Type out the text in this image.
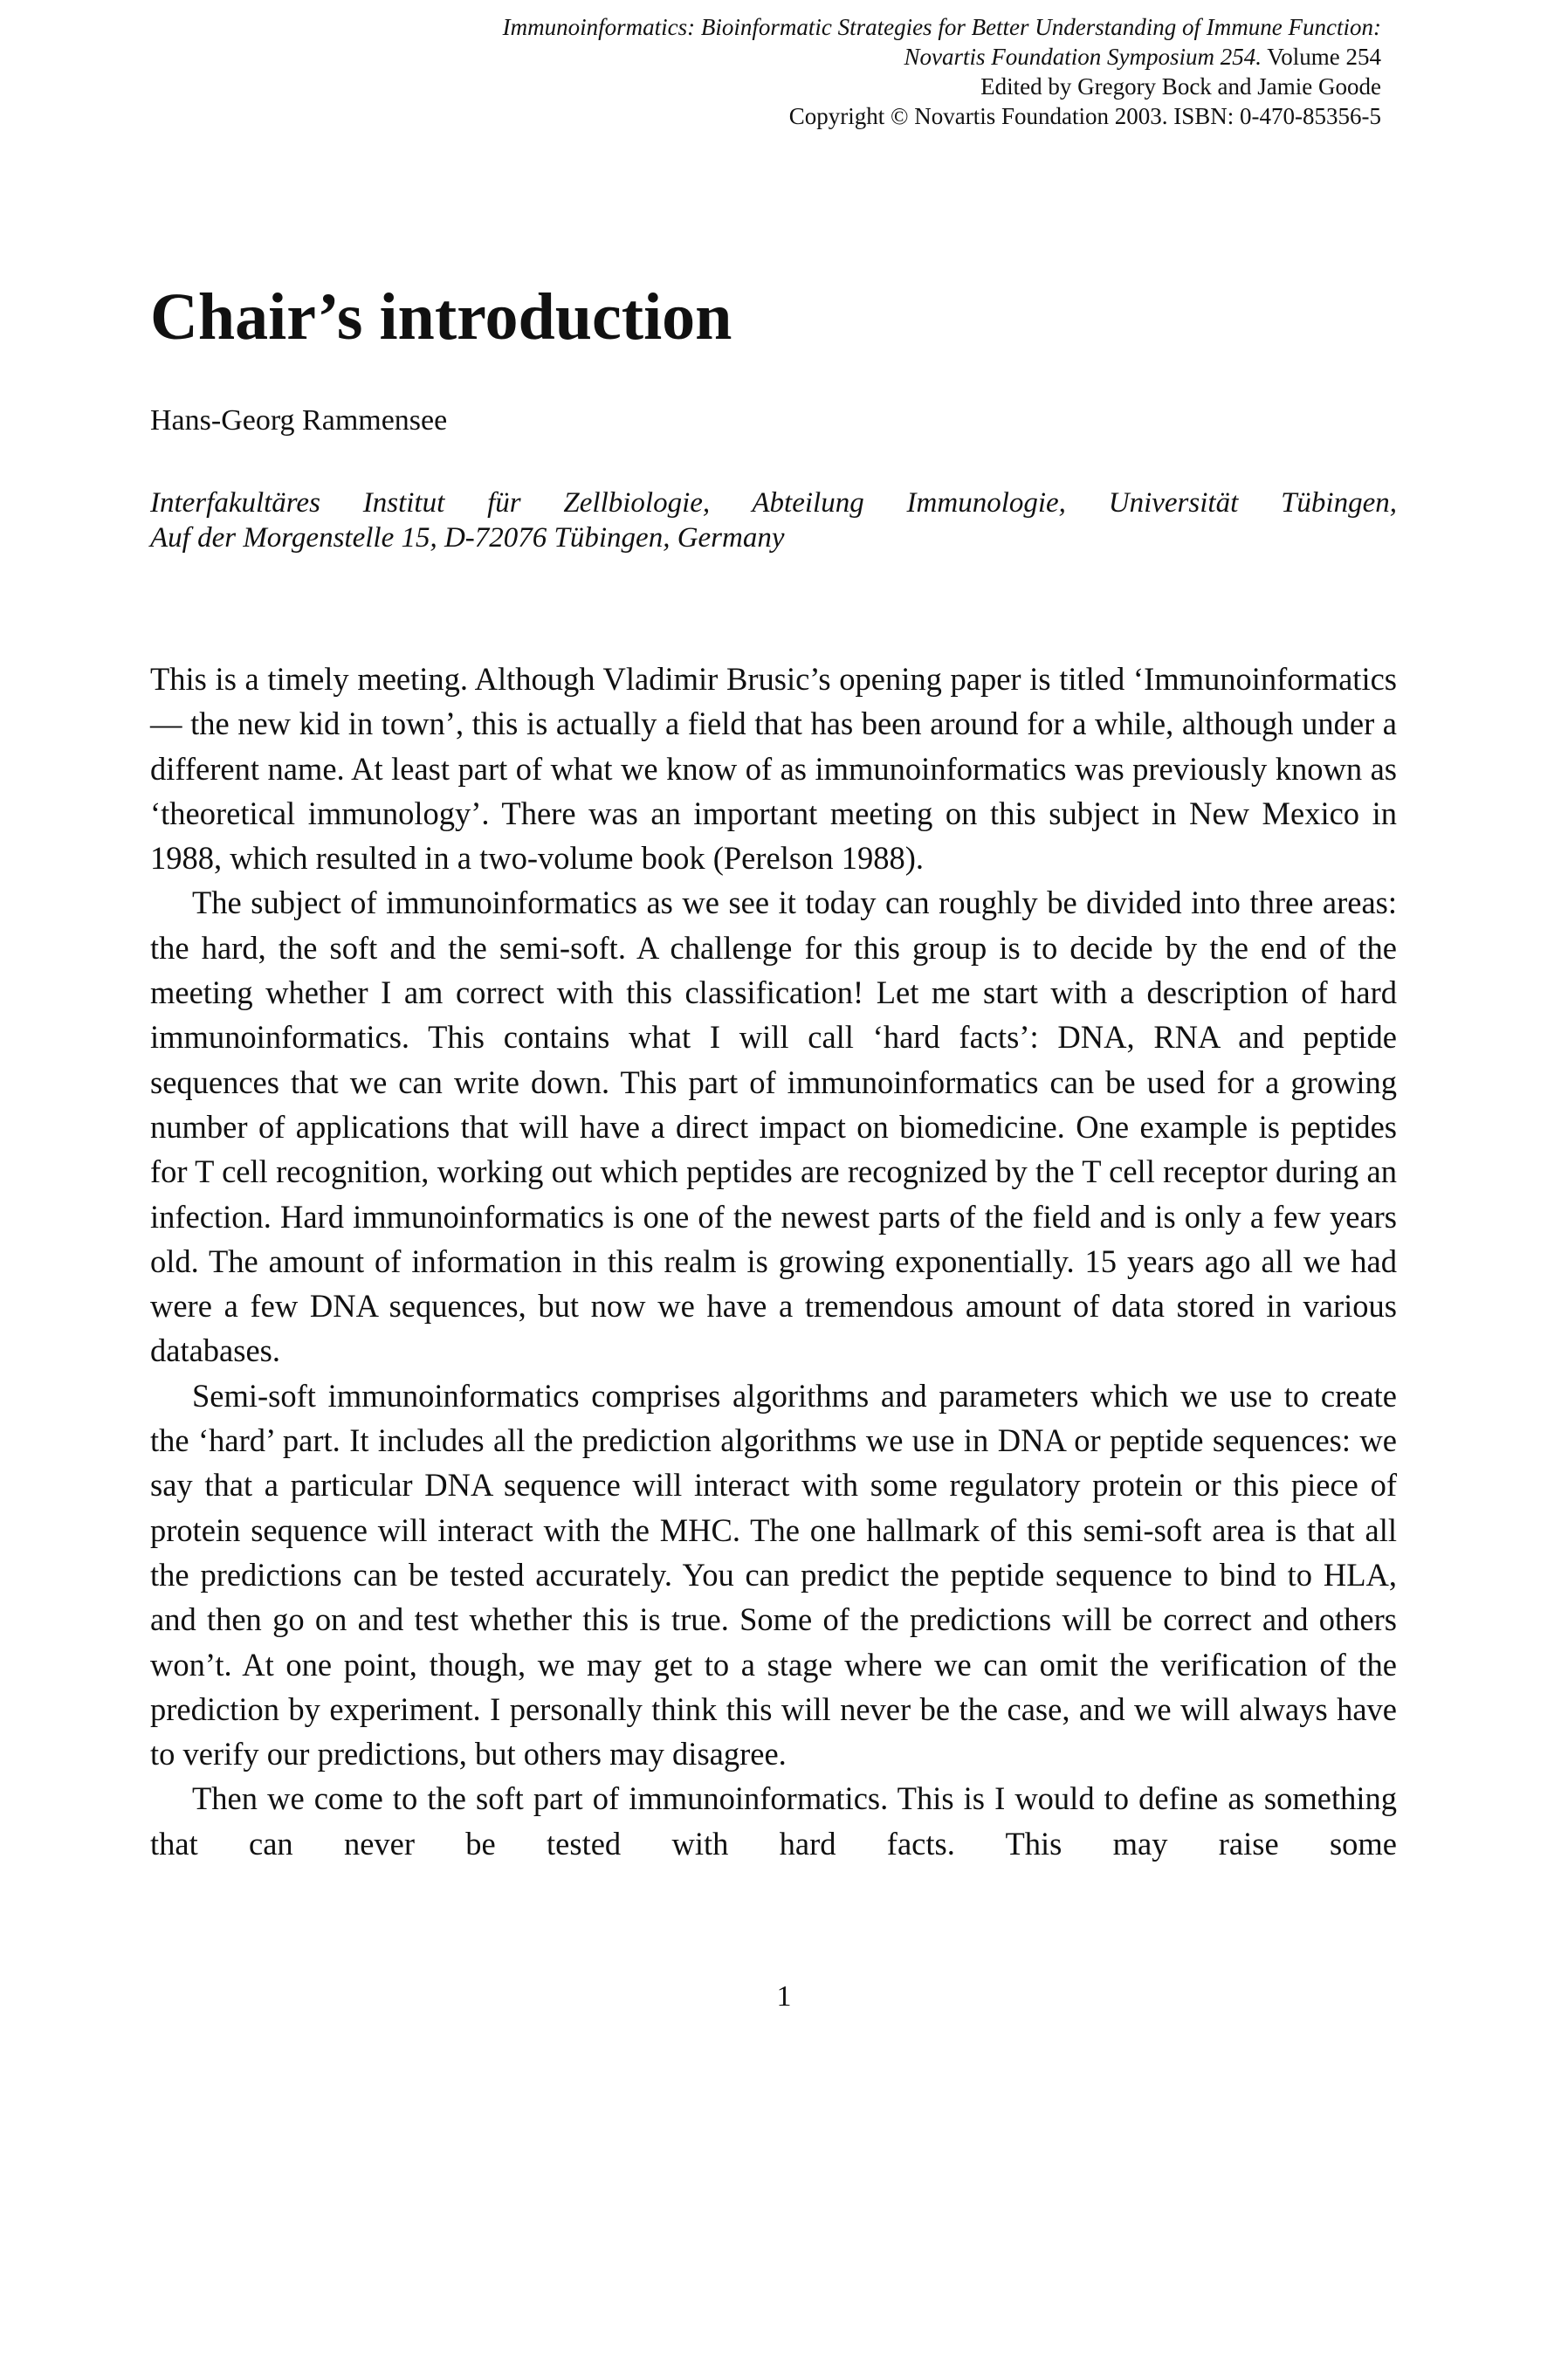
Immunoinformatics: Bioinformatic Strategies for Better Understanding of Immune Function:
Novartis Foundation Symposium 254. Volume 254
Edited by Gregory Bock and Jamie Goode
Copyright © Novartis Foundation 2003. ISBN: 0-470-85356-5
Chair’s introduction
Hans-Georg Rammensee
Interfakultäres Institut für Zellbiologie, Abteilung Immunologie, Universität Tübingen,
Auf der Morgenstelle 15, D-72076 Tübingen, Germany

This is a timely meeting. Although Vladimir Brusic’s opening paper is titled ‘Immunoinformatics — the new kid in town’, this is actually a field that has been around for a while, although under a different name. At least part of what we know of as immunoinformatics was previously known as ‘theoretical immunology’. There was an important meeting on this subject in New Mexico in 1988, which resulted in a two-volume book (Perelson 1988).

The subject of immunoinformatics as we see it today can roughly be divided into three areas: the hard, the soft and the semi-soft. A challenge for this group is to decide by the end of the meeting whether I am correct with this classification! Let me start with a description of hard immunoinformatics. This contains what I will call ‘hard facts’: DNA, RNA and peptide sequences that we can write down. This part of immunoinformatics can be used for a growing number of applications that will have a direct impact on biomedicine. One example is peptides for T cell recognition, working out which peptides are recognized by the T cell receptor during an infection. Hard immunoinformatics is one of the newest parts of the field and is only a few years old. The amount of information in this realm is growing exponentially. 15 years ago all we had were a few DNA sequences, but now we have a tremendous amount of data stored in various databases.

Semi-soft immunoinformatics comprises algorithms and parameters which we use to create the ‘hard’ part. It includes all the prediction algorithms we use in DNA or peptide sequences: we say that a particular DNA sequence will interact with some regulatory protein or this piece of protein sequence will interact with the MHC. The one hallmark of this semi-soft area is that all the predictions can be tested accurately. You can predict the peptide sequence to bind to HLA, and then go on and test whether this is true. Some of the predictions will be correct and others won’t. At one point, though, we may get to a stage where we can omit the verification of the prediction by experiment. I personally think this will never be the case, and we will always have to verify our predictions, but others may disagree.

Then we come to the soft part of immunoinformatics. This is I would to define as something that can never be tested with hard facts. This may raise some

1
